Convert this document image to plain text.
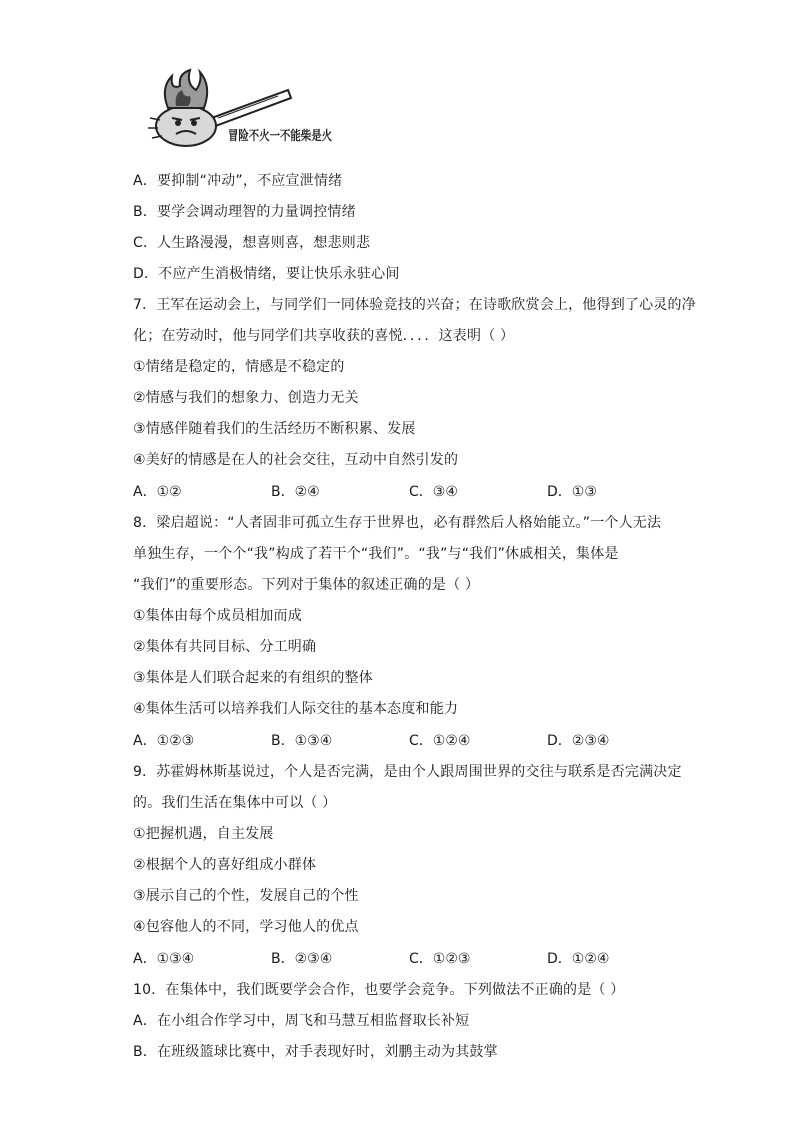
冒险不火一不能柴是火
A．要抑制“冲动”，不应宣泄情绪
B．要学会调动理智的力量调控情绪
C．人生路漫漫，想喜则喜，想悲则悲
D．不应产生消极情绪，要让快乐永驻心间
7．王军在运动会上，与同学们一同体验竞技的兴奋；在诗歌欣赏会上，他得到了心灵的净
化；在劳动时，他与同学们共享收获的喜悦．．．．这表明（ ）
①情绪是稳定的，情感是不稳定的
②情感与我们的想象力、创造力无关
③情感伴随着我们的生活经历不断积累、发展
④美好的情感是在人的社会交往，互动中自然引发的
A．①②	B．②④	C．③④	D．①③
8．梁启超说：“人者固非可孤立生存于世界也，必有群然后人格始能立。”一个人无法
单独生存，一个个“我”构成了若干个“我们”。“我”与“我们”休戚相关，集体是
“我们”的重要形态。下列对于集体的叙述正确的是（ ）
①集体由每个成员相加而成
②集体有共同目标、分工明确
③集体是人们联合起来的有组织的整体
④集体生活可以培养我们人际交往的基本态度和能力
A．①②③	B．①③④	C．①②④	D．②③④
9．苏霍姆林斯基说过，个人是否完满，是由个人跟周围世界的交往与联系是否完满决定
的。我们生活在集体中可以（ ）
①把握机遇，自主发展
②根据个人的喜好组成小群体
③展示自己的个性，发展自己的个性
④包容他人的不同，学习他人的优点
A．①③④	B．②③④	C．①②③	D．①②④
10．在集体中，我们既要学会合作，也要学会竞争。下列做法不正确的是（ ）
A．在小组合作学习中，周飞和马慧互相监督取长补短
B．在班级篮球比赛中，对手表现好时，刘鹏主动为其鼓掌
